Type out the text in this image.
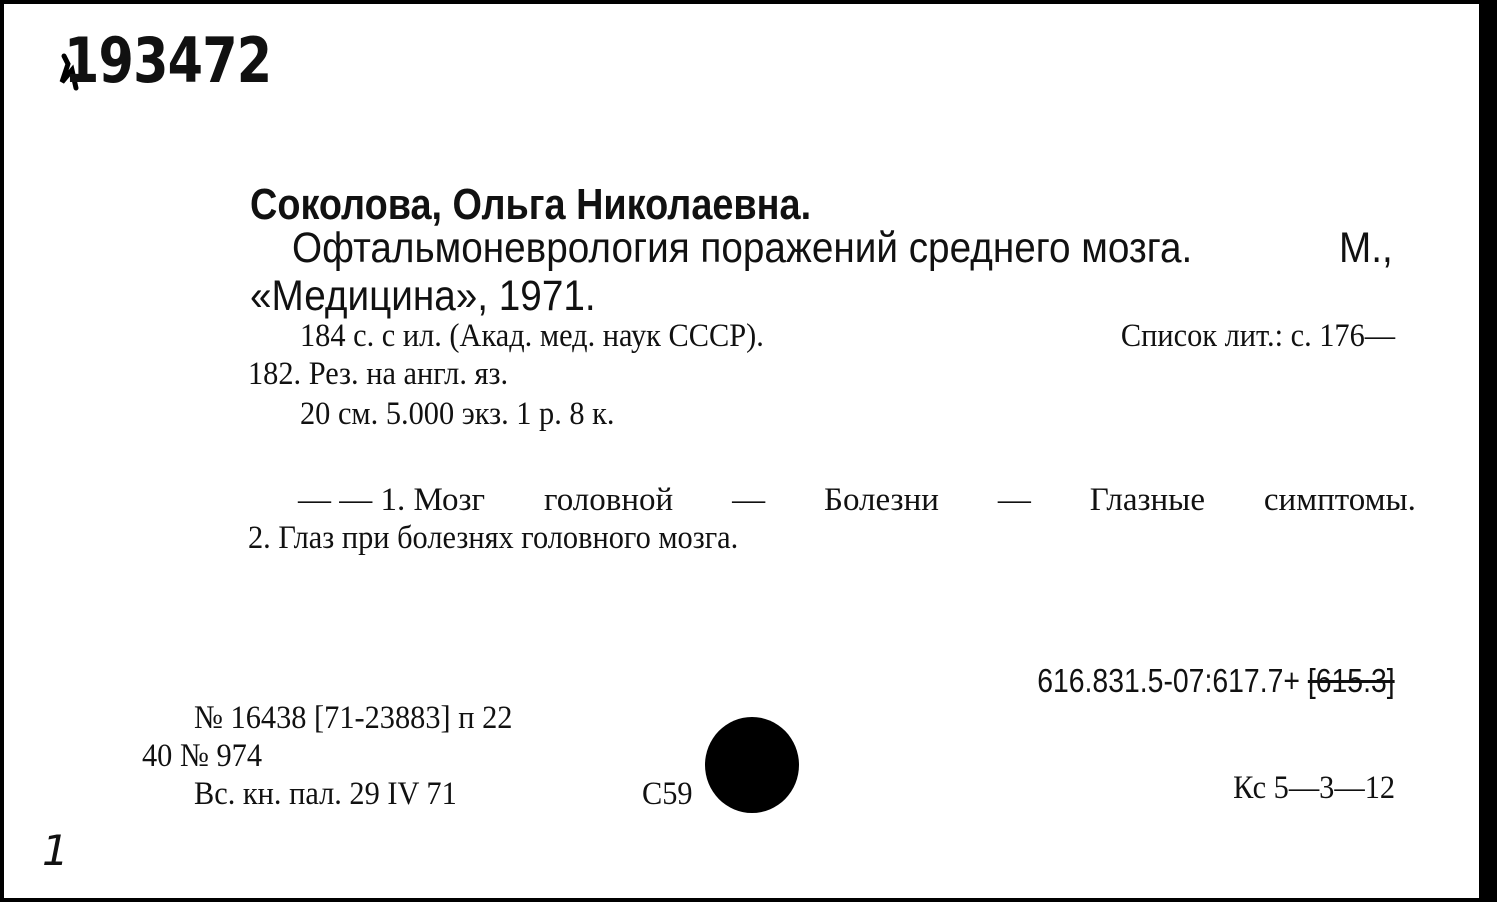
193472
Соколова, Ольга Николаевна.
Офтальмоневрология поражений среднего мозга.	М.,
«Медицина», 1971.
184 с. с ил. (Акад. мед. наук СССР).	Список лит.: с. 176—
182. Рез. на англ. яз.
20 см. 5.000 экз. 1 р. 8 к.
— — 1. Мозг головной — Болезни — Глазные симптомы.
2. Глаз при болезнях головного мозга.
616.831.5-07:617.7+ [615.3]
№ 16438 [71-23883] п 22
40 № 974
Вс. кн. пал. 29 IV 71	С59	Кс 5—3—12
1
